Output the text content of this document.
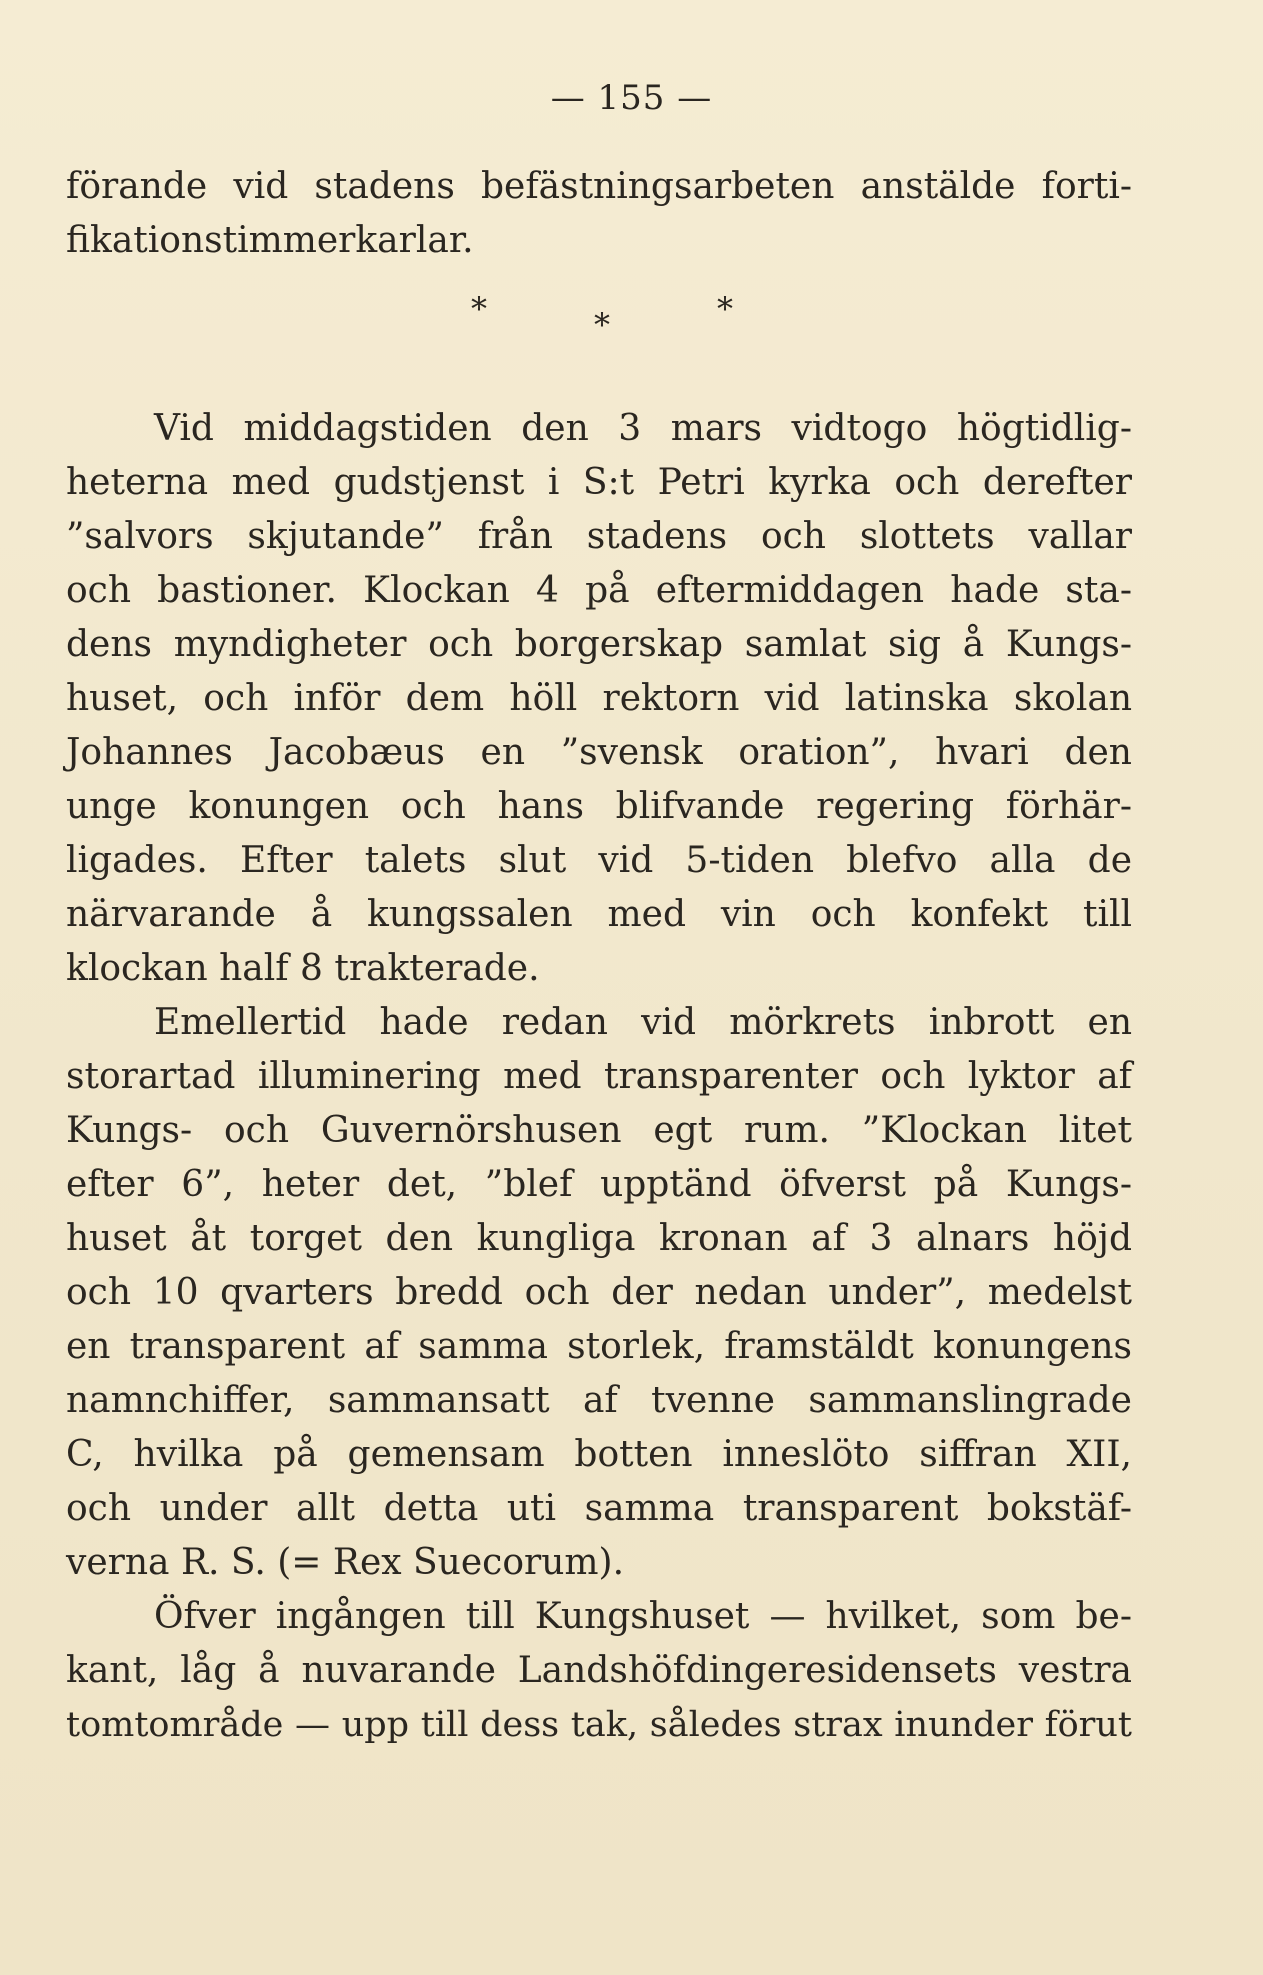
— 155 —
förande vid stadens befästningsarbeten anstälde forti-
fikationstimmerkarlar.
*	*	*
Vid middagstiden den 3 mars vidtogo högtidlig-
heterna med gudstjenst i S:t Petri kyrka och derefter
”salvors skjutande” från stadens och slottets vallar
och bastioner. Klockan 4 på eftermiddagen hade sta-
dens myndigheter och borgerskap samlat sig å Kungs-
huset, och inför dem höll rektorn vid latinska skolan
Johannes Jacobæus en ”svensk oration”, hvari den
unge konungen och hans blifvande regering förhär-
ligades. Efter talets slut vid 5-tiden blefvo alla de
närvarande å kungssalen med vin och konfekt till
klockan half 8 trakterade.
Emellertid hade redan vid mörkrets inbrott en
storartad illuminering med transparenter och lyktor af
Kungs- och Guvernörshusen egt rum. ”Klockan litet
efter 6”, heter det, ”blef upptänd öfverst på Kungs-
huset åt torget den kungliga kronan af 3 alnars höjd
och 10 qvarters bredd och der nedan under”, medelst
en transparent af samma storlek, framstäldt konungens
namnchiffer, sammansatt af tvenne sammanslingrade
C, hvilka på gemensam botten inneslöto siffran XII,
och under allt detta uti samma transparent bokstäf-
verna R. S. (= Rex Suecorum).
Öfver ingången till Kungshuset — hvilket, som be-
kant, låg å nuvarande Landshöfdingeresidensets vestra
tomtområde — upp till dess tak, således strax inunder förut
